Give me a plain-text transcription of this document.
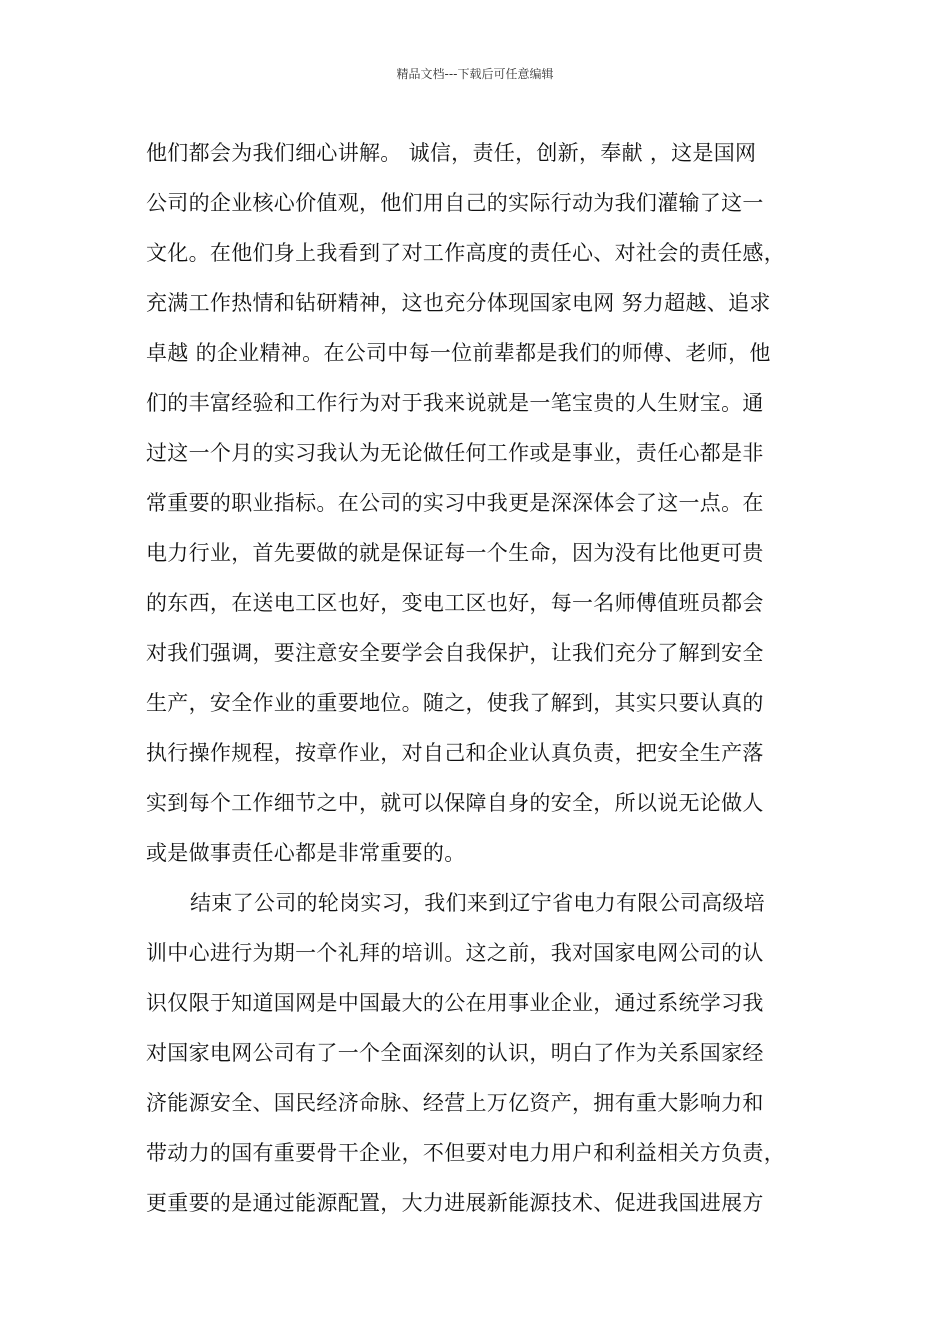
精品文档---下载后可任意编辑
他们都会为我们细心讲解。 诚信，责任，创新，奉献 ，这是国网
公司的企业核心价值观，他们用自己的实际行动为我们灌输了这一
文化。在他们身上我看到了对工作高度的责任心、对社会的责任感，
充满工作热情和钻研精神，这也充分体现国家电网 努力超越、追求
卓越 的企业精神。在公司中每一位前辈都是我们的师傅、老师，他
们的丰富经验和工作行为对于我来说就是一笔宝贵的人生财宝。通
过这一个月的实习我认为无论做任何工作或是事业，责任心都是非
常重要的职业指标。在公司的实习中我更是深深体会了这一点。在
电力行业，首先要做的就是保证每一个生命，因为没有比他更可贵
的东西，在送电工区也好，变电工区也好，每一名师傅值班员都会
对我们强调，要注意安全要学会自我保护，让我们充分了解到安全
生产，安全作业的重要地位。随之，使我了解到，其实只要认真的
执行操作规程，按章作业，对自己和企业认真负责，把安全生产落
实到每个工作细节之中，就可以保障自身的安全，所以说无论做人
或是做事责任心都是非常重要的。
结束了公司的轮岗实习，我们来到辽宁省电力有限公司高级培
训中心进行为期一个礼拜的培训。这之前，我对国家电网公司的认
识仅限于知道国网是中国最大的公在用事业企业，通过系统学习我
对国家电网公司有了一个全面深刻的认识，明白了作为关系国家经
济能源安全、国民经济命脉、经营上万亿资产，拥有重大影响力和
带动力的国有重要骨干企业，不但要对电力用户和利益相关方负责，
更重要的是通过能源配置，大力进展新能源技术、促进我国进展方
